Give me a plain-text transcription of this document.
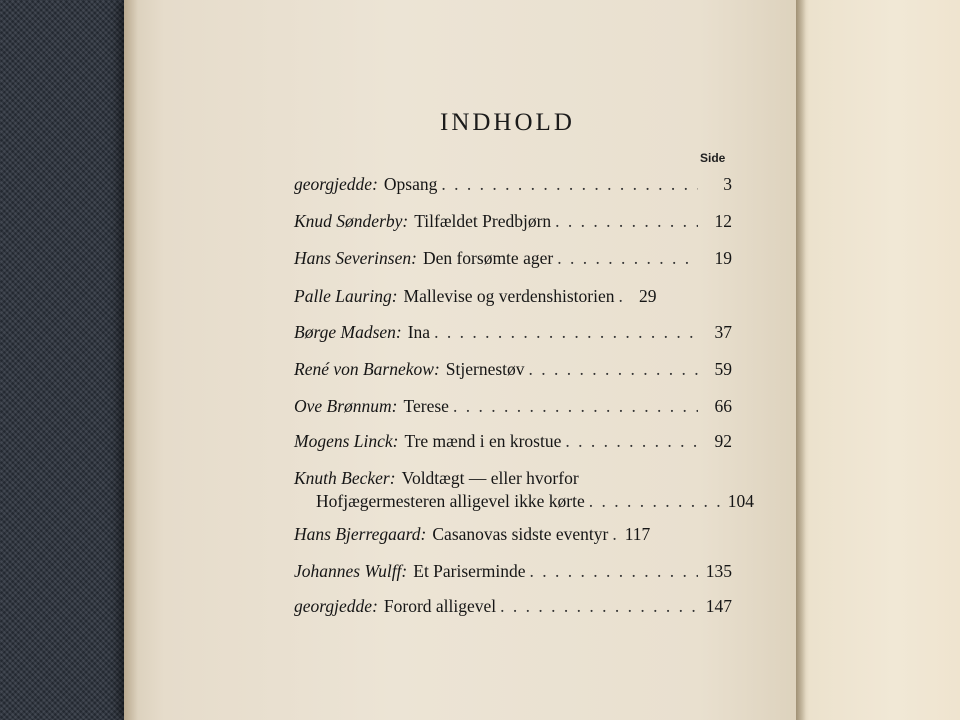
INDHOLD
Side
georgjedde: Opsang . . .	3
Knud Sønderby: Tilfældet Predbjørn . . .	12
Hans Severinsen: Den forsømte ager . . .	19
Palle Lauring: Mallevise og verdenshistorien . . .	29
Børge Madsen: Ina . . .	37
René von Barnekow: Stjernestøv . . .	59
Ove Brønnum: Terese . . .	66
Mogens Linck: Tre mænd i en krostue . . .	92
Knuth Becker: Voldtægt — eller hvorfor
Hofjægermesteren alligevel ikke kørte . . .	104
Hans Bjerregaard: Casanovas sidste eventyr . . . 117
Johannes Wulff: Et Pariserminde . . .	135
georgjedde: Forord alligevel . . .	147
